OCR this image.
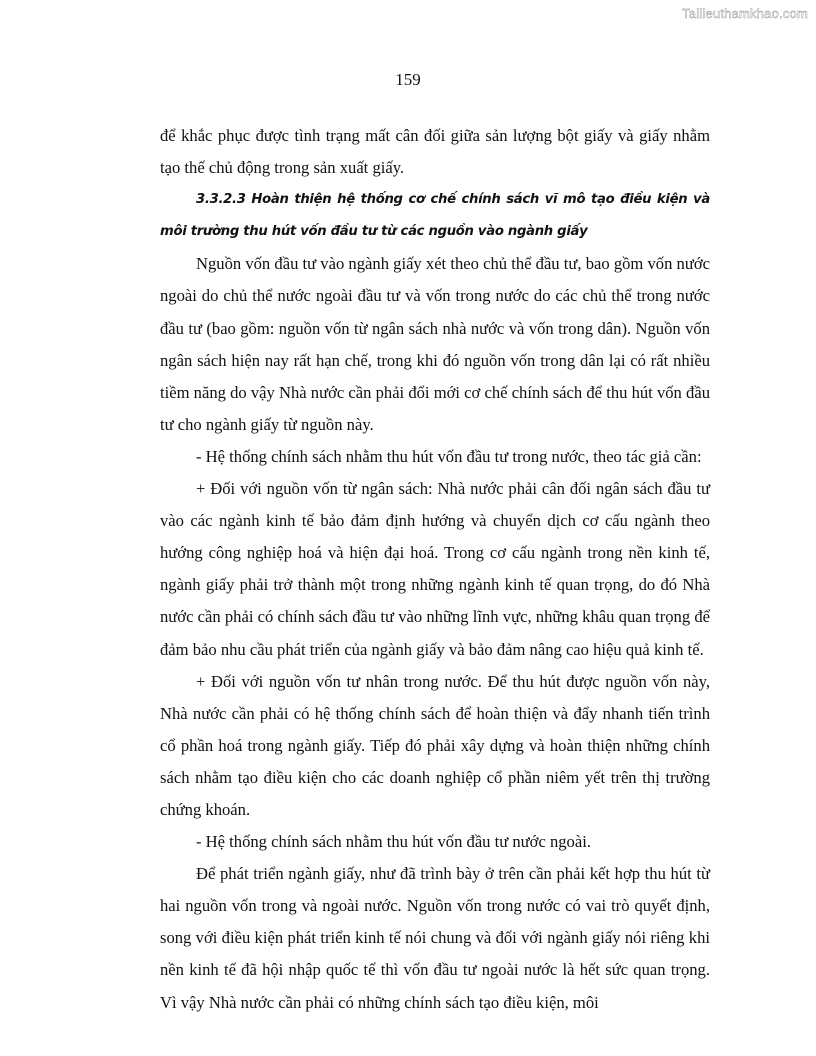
Tailieuthamkhao.com
159

để khắc phục được tình trạng mất cân đối giữa sản lượng bột giấy và giấy nhằm tạo thế chủ động trong sản xuất giấy.

3.3.2.3 Hoàn thiện hệ thống cơ chế chính sách vĩ mô tạo điều kiện và môi trường thu hút vốn đầu tư từ các nguồn vào ngành giấy

Nguồn vốn đầu tư vào ngành giấy xét theo chủ thể đầu tư, bao gồm vốn nước ngoài do chủ thể nước ngoài đầu tư và vốn trong nước do các chủ thể trong nước đầu tư (bao gồm: nguồn vốn từ ngân sách nhà nước và vốn trong dân). Nguồn vốn ngân sách hiện nay rất hạn chế, trong khi đó nguồn vốn trong dân lại có rất nhiều tiềm năng do vậy Nhà nước cần phải đổi mới cơ chế chính sách để thu hút vốn đầu tư cho ngành giấy từ nguồn này.

- Hệ thống chính sách nhằm thu hút vốn đầu tư trong nước, theo tác giả cần:

+ Đối với nguồn vốn từ ngân sách: Nhà nước phải cân đối ngân sách đầu tư vào các ngành kinh tế bảo đảm định hướng và chuyển dịch cơ cấu ngành theo hướng công nghiệp hoá và hiện đại hoá. Trong cơ cấu ngành trong nền kinh tế, ngành giấy phải trở thành một trong những ngành kinh tế quan trọng, do đó Nhà nước cần phải có chính sách đầu tư vào những lĩnh vực, những khâu quan trọng để đảm bảo nhu cầu phát triển của ngành giấy và bảo đảm nâng cao hiệu quả kinh tế.

+ Đối với nguồn vốn tư nhân trong nước. Để thu hút được nguồn vốn này, Nhà nước cần phải có hệ thống chính sách để hoàn thiện và đẩy nhanh tiến trình cổ phần hoá trong ngành giấy. Tiếp đó phải xây dựng và hoàn thiện những chính sách nhằm tạo điều kiện cho các doanh nghiệp cổ phần niêm yết trên thị trường chứng khoán.

- Hệ thống chính sách nhằm thu hút vốn đầu tư nước ngoài.

Để phát triển ngành giấy, như đã trình bày ở trên cần phải kết hợp thu hút từ hai nguồn vốn trong và ngoài nước. Nguồn vốn trong nước có vai trò quyết định, song với điều kiện phát triển kinh tế nói chung và đối với ngành giấy nói riêng khi nền kinh tế đã hội nhập quốc tế thì vốn đầu tư ngoài nước là hết sức quan trọng. Vì vậy Nhà nước cần phải có những chính sách tạo điều kiện, môi
